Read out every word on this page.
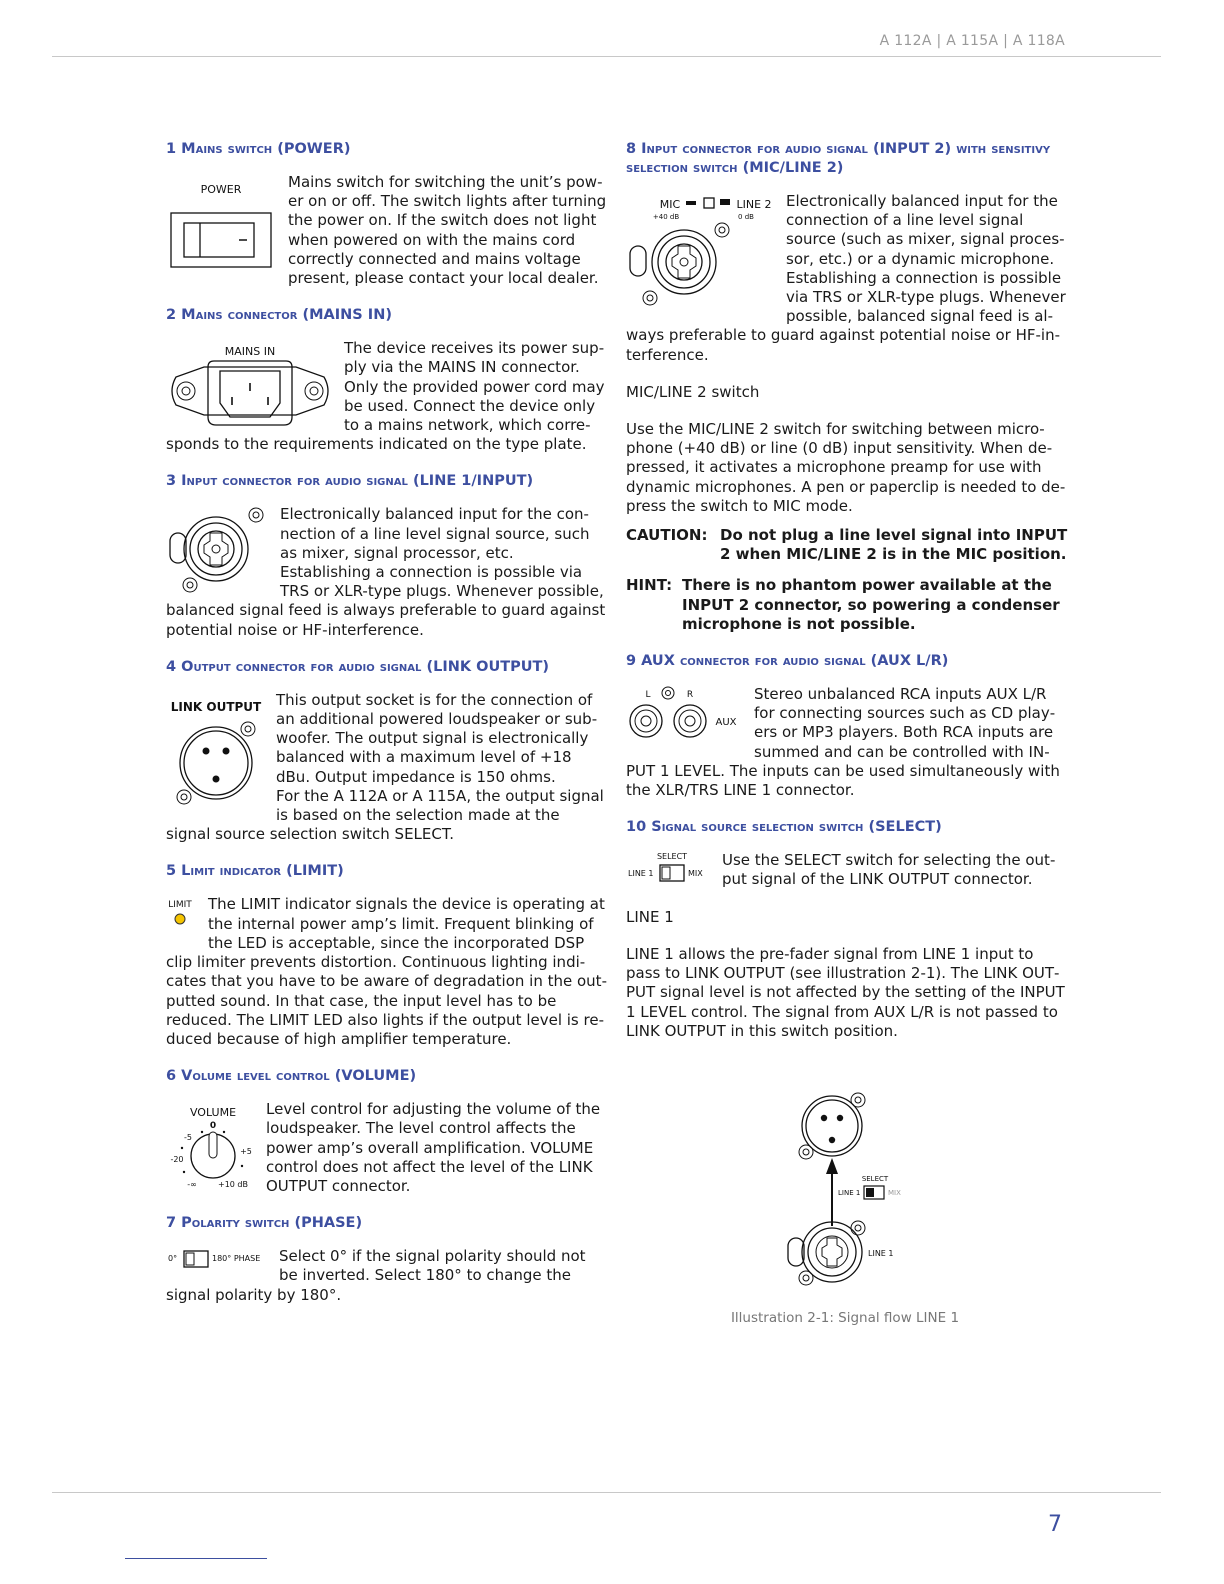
A 112A | A 115A | A 118A
1 Mains switch (POWER)
POWER	Mains switch for switching the unit’s power on or off. The switch lights after turning the power on. If the switch does not light when powered on with the mains cord correctly connected and mains voltage present, please contact your local dealer.

2 Mains connector (MAINS IN)
MAINS IN	The device receives its power supply via the MAINS IN connector. Only the provided power cord may be used. Connect the device only to a mains network, which corresponds to the requirements indicated on the type plate.

3 Input connector for audio signal (LINE 1/INPUT)

Electronically balanced input for the connection of a line level signal source, such as mixer, signal processor, etc. Establishing a connection is possible via TRS or XLR-type plugs. Whenever possible, balanced signal feed is always preferable to guard against potential noise or HF-interference.

4 Output connector for audio signal (LINK OUTPUT)
LINK OUTPUT This output socket is for the connection of an additional powered loudspeaker or subwoofer. The output signal is electronically balanced with a maximum level of +18 dBu. Output impedance is 150 ohms.

For the A 112A or A 115A, the output signal is based on the selection made at the signal source selection switch SELECT.

5 Limit indicator (LIMIT)
LIMIT	The LIMIT indicator signals the device is operating at the internal power amp’s limit. Frequent blinking of the LED is acceptable, since the incorporated DSP clip limiter prevents distortion. Continuous lighting indicates that you have to be aware of degradation in the outputted sound. In that case, the input level has to be reduced. The LIMIT LED also lights if the output level is reduced because of high amplifier temperature.

6 Volume level control (VOLUME)
VOLUME
0
-5
+5
-20
-∞	+10 dB

Level control for adjusting the volume of the loudspeaker. The level control affects the power amp’s overall amplification. VOLUME control does not affect the level of the LINK OUTPUT connector.

7 Polarity switch (PHASE)
0°	180° PHASE	Select 0° if the signal polarity should not be inverted. Select 180° to change the signal polarity by 180°.

8 Input connector for audio signal (INPUT 2) with sensitivy selection switch (MIC/LINE 2)
MIC	LINE 2
+40 dB	0 dB

Electronically balanced input for the connection of a line level signal source (such as mixer, signal processor, etc.) or a dynamic microphone. Establishing a connection is possible via TRS or XLR-type plugs. Whenever possible, balanced signal feed is always preferable to guard against potential noise or HF-interference.

MIC/LINE 2 switch

Use the MIC/LINE 2 switch for switching between microphone (+40 dB) or line (0 dB) input sensitivity. When depressed, it activates a microphone preamp for use with dynamic microphones. A pen or paperclip is needed to depress the switch to MIC mode.

CAUTION: Do not plug a line level signal into INPUT 2 when MIC/LINE 2 is in the MIC position.
HINT: There is no phantom power available at the INPUT 2 connector, so powering a condenser microphone is not possible.
9 AUX connector for audio signal (AUX L/R)
L	R
AUX

Stereo unbalanced RCA inputs AUX L/R for connecting sources such as CD players or MP3 players. Both RCA inputs are summed and can be controlled with INPUT 1 LEVEL. The inputs can be used simultaneously with the XLR/TRS LINE 1 connector.

10 Signal source selection switch (SELECT)
SELECT
LINE 1	MIX

Use the SELECT switch for selecting the output signal of the LINK OUTPUT connector.

LINE 1

LINE 1 allows the pre-fader signal from LINE 1 input to pass to LINK OUTPUT (see illustration 2-1). The LINK OUTPUT signal level is not affected by the setting of the INPUT 1 LEVEL control. The signal from AUX L/R is not passed to LINK OUTPUT in this switch position.

SELECT
LINE 1	MIX
LINE 1
Illustration 2-1: Signal flow LINE 1
7
